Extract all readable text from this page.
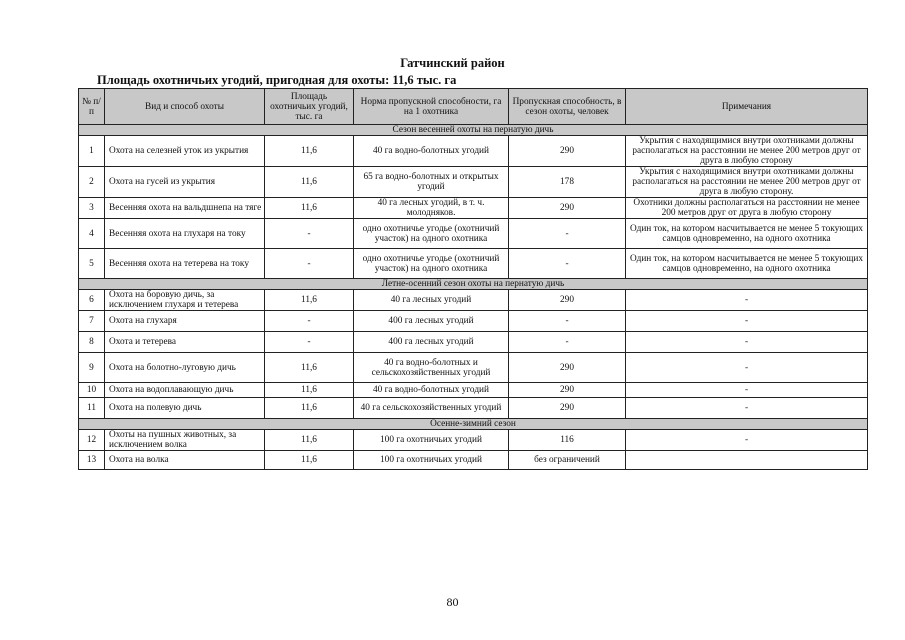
Гатчинский район
Площадь охотничьих угодий, пригодная для охоты: 11,6 тыс. га
№ п/п	Вид и способ охоты	Площадь охотничьих угодий, тыс. га	Норма пропускной способности, га на 1 охотника	Пропускная способность, в сезон охоты, человек	Примечания
Сезон весенней охоты на пернатую дичь					
1	Охота на селезней уток из укрытия	11,6	40 га водно-болотных угодий	290	Укрытия с находящимися внутри охотниками должны располагаться на расстоянии не менее 200 метров друг от друга в любую сторону
2	Охота на гусей из укрытия	11,6	65 га водно-болотных и открытых угодий	178	Укрытия с находящимися внутри охотниками должны располагаться на расстоянии не менее 200 метров друг от друга в любую сторону.
3	Весенняя охота на вальдшнепа на тяге	11,6	40 га лесных угодий, в т. ч. молодняков.	290	Охотники должны располагаться на расстоянии не менее 200 метров друг от друга в любую сторону
4	Весенняя охота на глухаря на току	-	одно охотничье угодье (охотничий участок) на одного охотника	-	Один ток, на котором насчитывается не менее 5 токующих самцов одновременно, на одного охотника
5	Весенняя охота на тетерева на току	-	одно охотничье угодье (охотничий участок) на одного охотника	-	Один ток, на котором насчитывается не менее 5 токующих самцов одновременно, на одного охотника
Летне-осенний сезон охоты на пернатую дичь					
6	Охота на боровую дичь, за исключением глухаря и тетерева	11,6	40 га лесных угодий	290	-
7	Охота на глухаря	-	400 га лесных угодий	-	-
8	Охота и тетерева	-	400 га лесных угодий	-	-
9	Охота на болотно-луговую дичь	11,6	40 га водно-болотных и сельскохозяйственных угодий	290	-
10	Охота на водоплавающую дичь	11,6	40 га водно-болотных угодий	290	-
11	Охота на полевую дичь	11,6	40 га сельскохозяйственных угодий	290	-
Осенне-зимний сезон					
12	Охоты на пушных животных, за исключением волка	11,6	100 га охотничьих угодий	116	-
13	Охота на волка	11,6	100 га охотничьих угодий	без ограничений	
80
